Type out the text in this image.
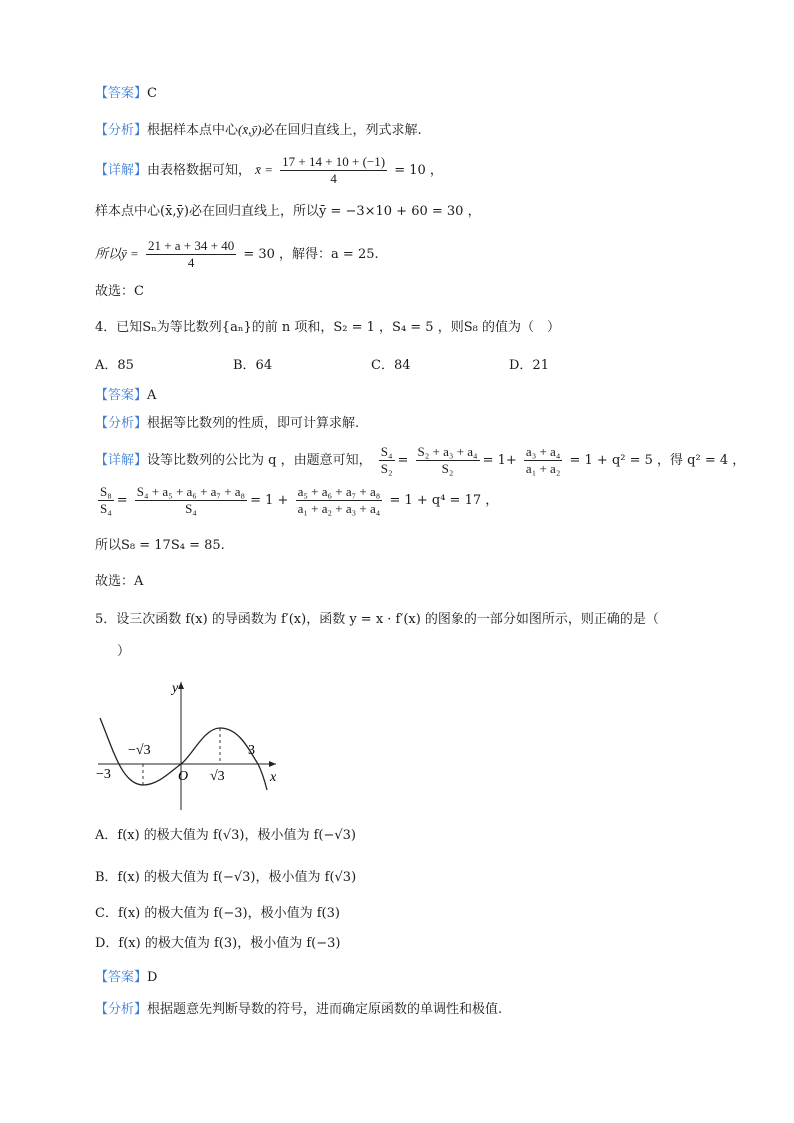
【答案】C
【分析】根据样本点中心(x̄,ȳ)必在回归直线上，列式求解.
【详解】由表格数据可知， x̄ = $\frac{17 + 14 + 10 + (-1)}{4} = 10$ ，
样本点中心(x̄,ȳ)必在回归直线上，所以ȳ = −3×10 + 60 = 30 ，
所以ȳ = $\frac{21 + a + 34 + 40}{4} = 30$ ，解得：a = 25.
故选：C
4．已知Sₙ为等比数列{aₙ}的前 n 项和，S₂ = 1 ，S₄ = 5 ，则S₈ 的值为（　）
A．85	B．64	C．84	D．21
【答案】A
【分析】根据等比数列的性质，即可计算求解.
【详解】设等比数列的公比为 q ，由题意可知， $\frac{\text{S₄}}{\text{S₂}} = \frac{\text{S₂ + a₃ + a₄}}{\text{S₂}} = 1+ \frac{\text{a₃ + a₄}}{\text{a₁ + a₂}} = 1 + q^2 = 5$ ，得 q² = 4 ，
$\frac{\text{S₈}}{\text{S₄}} = \frac{\text{S₄ + a₅ + a₆ + a₇ + a₈}}{\text{S₄}} = 1 + \frac{\text{a₅ + a₆ + a₇ + a₈}}{\text{a₁ + a₂ + a₃ + a₄}} = 1 + q^4 = 17$ ，
所以S₈ = 17S₄ = 85.
故选：A
5．设三次函数 f(x) 的导函数为 f′(x)，函数 y = x · f′(x) 的图象的一部分如图所示，则正确的是（
）
y
x
O
−3
−√3
√3
3
A．f(x) 的极大值为 f(√3)，极小值为 f(−√3)
B．f(x) 的极大值为 f(−√3)，极小值为 f(√3)
C．f(x) 的极大值为 f(−3)，极小值为 f(3)
D．f(x) 的极大值为 f(3)，极小值为 f(−3)
【答案】D
【分析】根据题意先判断导数的符号，进而确定原函数的单调性和极值.
